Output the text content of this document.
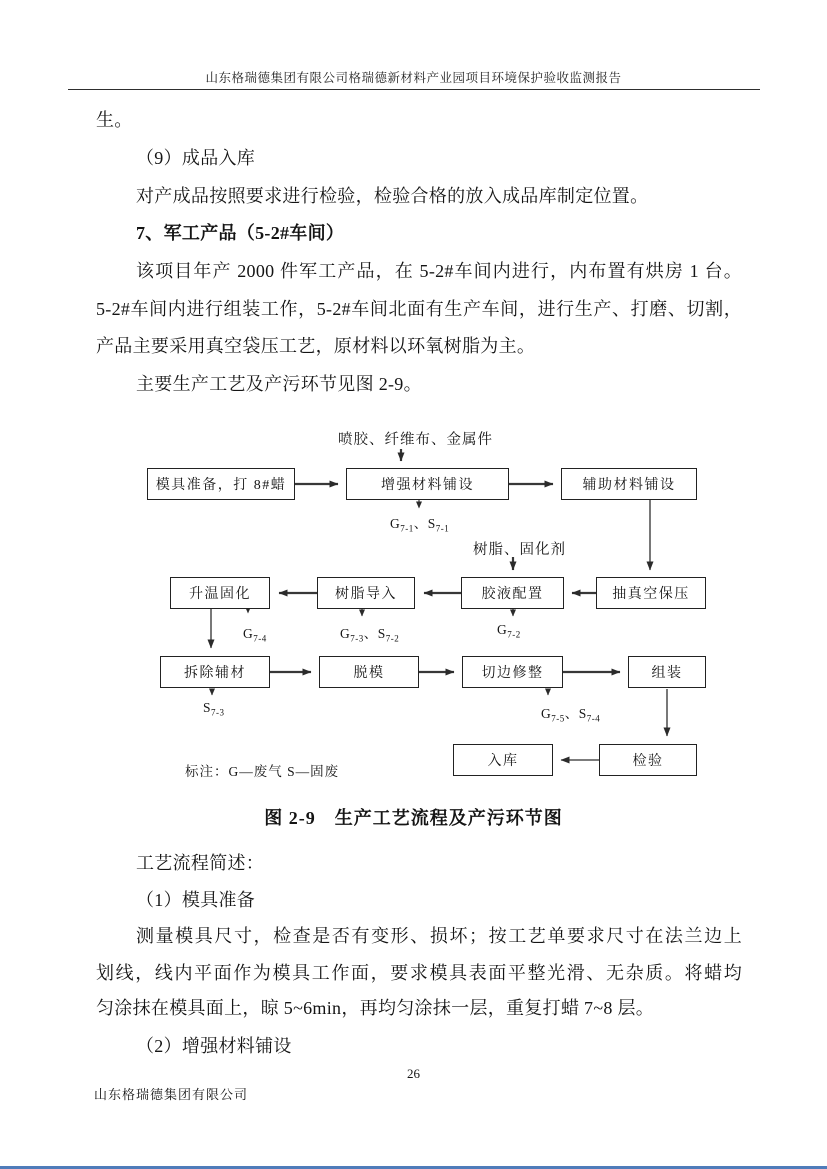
山东格瑞德集团有限公司格瑞德新材料产业园项目环境保护验收监测报告
生。
（9）成品入库
对产成品按照要求进行检验，检验合格的放入成品库制定位置。
7、军工产品（5-2#车间）
该项目年产 2000 件军工产品，在 5-2#车间内进行，内布置有烘房 1 台。
5-2#车间内进行组装工作，5-2#车间北面有生产车间，进行生产、打磨、切割，
产品主要采用真空袋压工艺，原材料以环氧树脂为主。
主要生产工艺及产污环节见图 2-9。
喷胶、纤维布、金属件
树脂、固化剂
模具准备，打 8#蜡	增强材料铺设	辅助材料铺设
升温固化	树脂导入	胶液配置	抽真空保压
拆除辅材	脱模	切边修整	组装
入库	检验
$G_{7-1}$、$S_{7-1}$
$G_{7-2}$
$G_{7-3}$、$S_{7-2}$
$G_{7-4}$
$S_{7-3}$	$G_{7-5}$、$S_{7-4}$
标注：G—废气 S—固废
图 2-9　生产工艺流程及产污环节图
工艺流程简述：
（1）模具准备
测量模具尺寸，检查是否有变形、损坏；按工艺单要求尺寸在法兰边上
划线，线内平面作为模具工作面，要求模具表面平整光滑、无杂质。将蜡均
匀涂抹在模具面上，晾 5~6min，再均匀涂抹一层，重复打蜡 7~8 层。
（2）增强材料铺设
26
山东格瑞德集团有限公司
